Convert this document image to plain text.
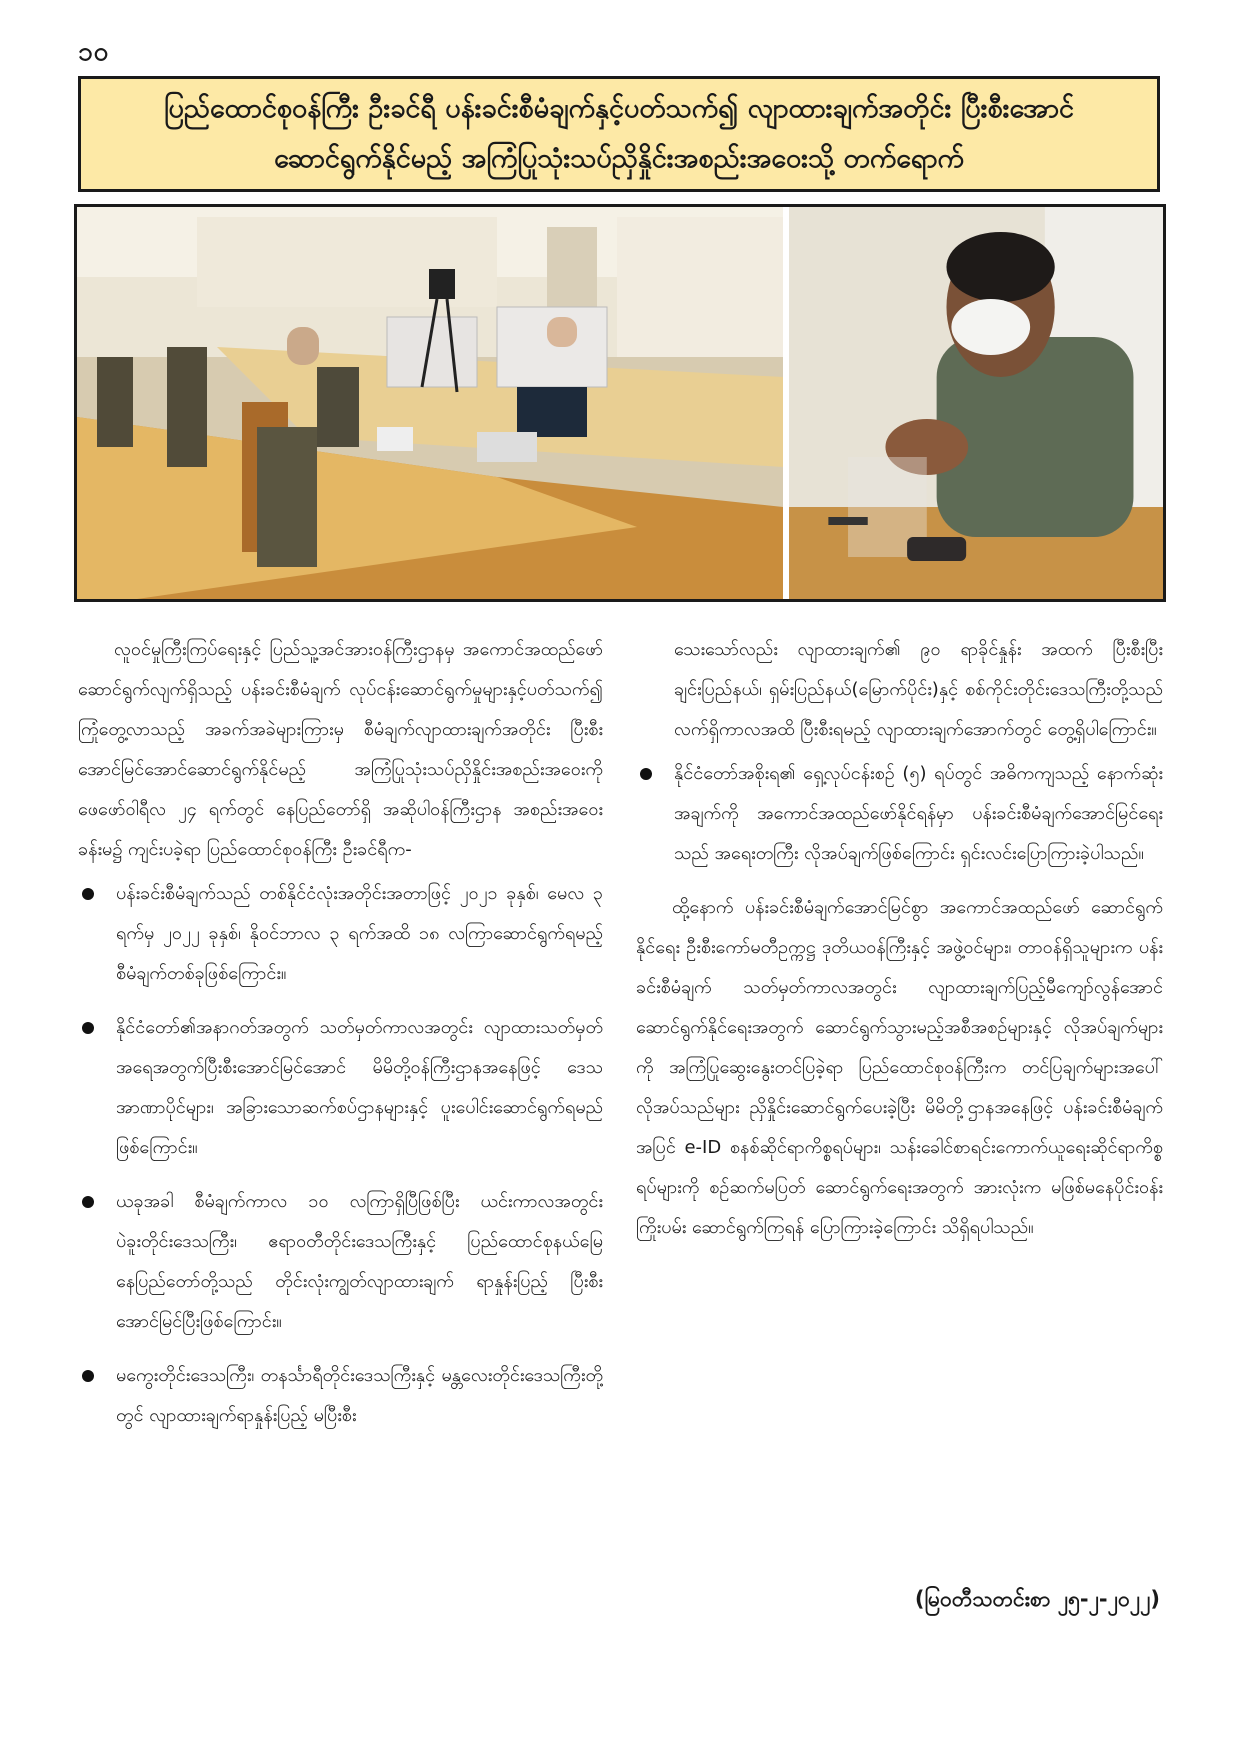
၁၀
ပြည်ထောင်စုဝန်ကြီး ဦးခင်ရီ ပန်းခင်းစီမံချက်နှင့်ပတ်သက်၍ လျာထားချက်အတိုင်း ပြီးစီးအောင်
ဆောင်ရွက်နိုင်မည့် အကြံပြုသုံးသပ်ညှိနှိုင်းအစည်းအဝေးသို့ တက်ရောက်

လူဝင်မှုကြီးကြပ်ရေးနှင့် ပြည်သူ့အင်အားဝန်ကြီးဌာနမှ အကောင်အထည်ဖော် ဆောင်ရွက်လျက်ရှိသည့် ပန်းခင်းစီမံချက် လုပ်ငန်းဆောင်ရွက်မှုများနှင့်ပတ်သက်၍ ကြုံတွေ့လာသည့် အခက်အခဲများကြားမှ စီမံချက်လျာထားချက်အတိုင်း ပြီးစီးအောင်မြင်အောင်ဆောင်ရွက်နိုင်မည့် အကြံပြုသုံးသပ်ညှိနှိုင်းအစည်းအဝေးကို ဖေဖော်ဝါရီလ ၂၄ ရက်တွင် နေပြည်တော်ရှိ အဆိုပါဝန်ကြီးဌာန အစည်းအဝေးခန်းမ၌ ကျင်းပခဲ့ရာ ပြည်ထောင်စုဝန်ကြီး ဦးခင်ရီက-

ပန်းခင်းစီမံချက်သည် တစ်နိုင်ငံလုံးအတိုင်းအတာဖြင့် ၂၀၂၁ ခုနှစ်၊ မေလ ၃ ရက်မှ ၂၀၂၂ ခုနှစ်၊ နိုဝင်ဘာလ ၃ ရက်အထိ ၁၈ လကြာဆောင်ရွက်ရမည့် စီမံချက်တစ်ခုဖြစ်ကြောင်း။
နိုင်ငံတော်၏အနာဂတ်အတွက် သတ်မှတ်ကာလအတွင်း လျာထားသတ်မှတ် အရေအတွက်ပြီးစီးအောင်မြင်အောင် မိမိတို့ဝန်ကြီးဌာနအနေဖြင့် ဒေသအာဏာပိုင်များ၊ အခြားသောဆက်စပ်ဌာနများနှင့် ပူးပေါင်းဆောင်ရွက်ရမည်ဖြစ်ကြောင်း။
ယခုအခါ စီမံချက်ကာလ ၁၀ လကြာရှိပြီဖြစ်ပြီး ယင်းကာလအတွင်း ပဲခူးတိုင်းဒေသကြီး၊ ဧရာဝတီတိုင်းဒေသကြီးနှင့် ပြည်ထောင်စုနယ်မြေ နေပြည်တော်တို့သည် တိုင်းလုံးကျွတ်လျာထားချက် ရာနှုန်းပြည့် ပြီးစီးအောင်မြင်ပြီးဖြစ်ကြောင်း။
မကွေးတိုင်းဒေသကြီး၊ တနင်္သာရီတိုင်းဒေသကြီးနှင့် မန္တလေးတိုင်းဒေသကြီးတို့တွင် လျာထားချက်ရာနှုန်းပြည့် မပြီးစီး

သေးသော်လည်း လျာထားချက်၏ ၉၀ ရာခိုင်နှုန်း အထက် ပြီးစီးပြီး ချင်းပြည်နယ်၊ ရှမ်းပြည်နယ်(မြောက်ပိုင်း)နှင့် စစ်ကိုင်းတိုင်းဒေသကြီးတို့သည် လက်ရှိကာလအထိ ပြီးစီးရမည့် လျာထားချက်အောက်တွင် တွေ့ရှိပါကြောင်း။

နိုင်ငံတော်အစိုးရ၏ ရှေ့လုပ်ငန်းစဉ် (၅) ရပ်တွင် အဓိကကျသည့် နောက်ဆုံးအချက်ကို အကောင်အထည်ဖော်နိုင်ရန်မှာ ပန်းခင်းစီမံချက်အောင်မြင်ရေးသည် အရေးတကြီး လိုအပ်ချက်ဖြစ်ကြောင်း ရှင်းလင်းပြောကြားခဲ့ပါသည်။

ထို့နောက် ပန်းခင်းစီမံချက်အောင်မြင်စွာ အကောင်အထည်ဖော် ဆောင်ရွက်နိုင်ရေး ဦးစီးကော်မတီဥက္ကဋ္ဌ ဒုတိယဝန်ကြီးနှင့် အဖွဲ့ဝင်များ၊ တာဝန်ရှိသူများက ပန်းခင်းစီမံချက် သတ်မှတ်ကာလအတွင်း လျာထားချက်ပြည့်မီကျော်လွန်အောင် ဆောင်ရွက်နိုင်ရေးအတွက် ဆောင်ရွက်သွားမည့်အစီအစဉ်များနှင့် လိုအပ်ချက်များကို အကြံပြုဆွေးနွေးတင်ပြခဲ့ရာ ပြည်ထောင်စုဝန်ကြီးက တင်ပြချက်များအပေါ် လိုအပ်သည်များ ညှိနှိုင်းဆောင်ရွက်ပေးခဲ့ပြီး မိမိတို့ဌာနအနေဖြင့် ပန်းခင်းစီမံချက်အပြင် e-ID စနစ်ဆိုင်ရာကိစ္စရပ်များ၊ သန်းခေါင်စာရင်းကောက်ယူရေးဆိုင်ရာကိစ္စရပ်များကို စဉ်ဆက်မပြတ် ဆောင်ရွက်ရေးအတွက် အားလုံးက မဖြစ်မနေပိုင်းဝန်းကြိုးပမ်း ဆောင်ရွက်ကြရန် ပြောကြားခဲ့ကြောင်း သိရှိရပါသည်။

(မြဝတီသတင်းစာ ၂၅-၂-၂၀၂၂)
